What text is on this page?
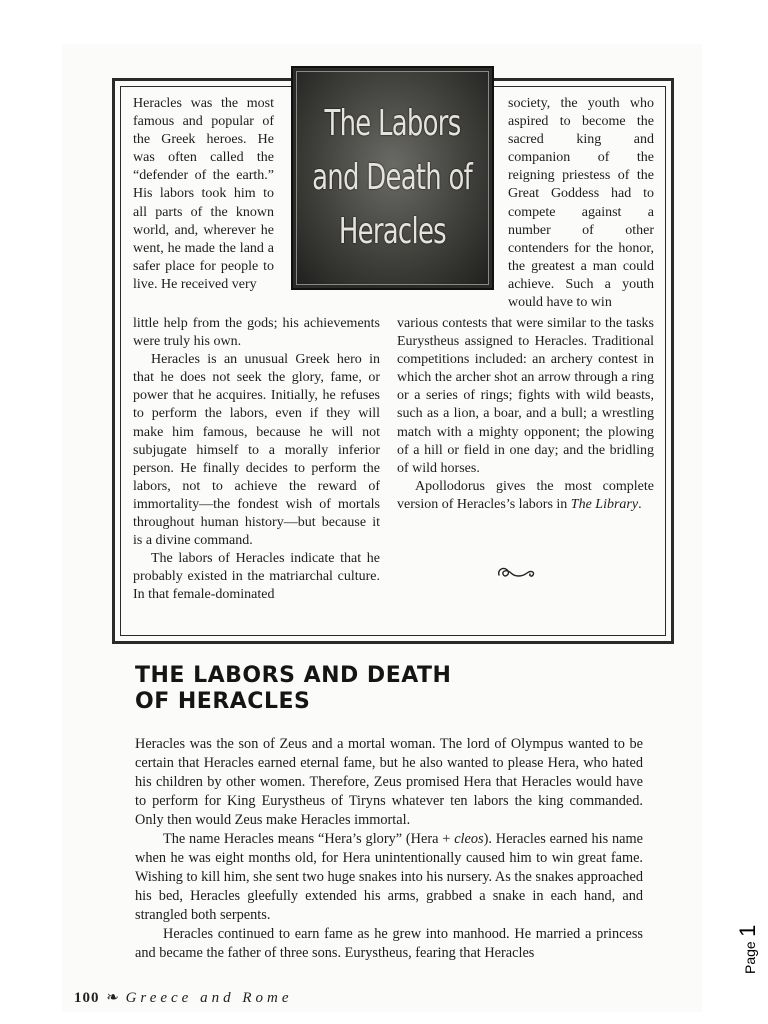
The Labors
and Death of
Heracles

Heracles was the most famous and popular of the Greek heroes. He was often called the “defender of the earth.” His labors took him to all parts of the known world, and, wherever he went, he made the land a safer place for people to live. He received very

society, the youth who aspired to become the sacred king and companion of the reigning priestess of the Great Goddess had to compete against a number of other contenders for the honor, the greatest a man could achieve. Such a youth would have to win

little help from the gods; his achievements were truly his own.

Heracles is an unusual Greek hero in that he does not seek the glory, fame, or power that he acquires. Initially, he refuses to perform the labors, even if they will make him famous, because he will not subjugate himself to a morally inferior person. He finally decides to perform the labors, not to achieve the reward of immortality—the fondest wish of mortals throughout human history—but because it is a divine command.

The labors of Heracles indicate that he probably existed in the matriarchal culture. In that female-dominated

various contests that were similar to the tasks Eurystheus assigned to Heracles. Traditional competitions included: an archery contest in which the archer shot an arrow through a ring or a series of rings; fights with wild beasts, such as a lion, a boar, and a bull; a wrestling match with a mighty opponent; the plowing of a hill or field in one day; and the bridling of wild horses.

Apollodorus gives the most complete version of Heracles’s labors in The Library.

THE LABORS AND DEATH
OF HERACLES

Heracles was the son of Zeus and a mortal woman. The lord of Olympus wanted to be certain that Heracles earned eternal fame, but he also wanted to please Hera, who hated his children by other women. Therefore, Zeus promised Hera that Heracles would have to perform for King Eurystheus of Tiryns whatever ten labors the king commanded. Only then would Zeus make Heracles immortal.

The name Heracles means “Hera’s glory” (Hera + cleos). Heracles earned his name when he was eight months old, for Hera unintentionally caused him to win great fame. Wishing to kill him, she sent two huge snakes into his nursery. As the snakes approached his bed, Heracles gleefully extended his arms, grabbed a snake in each hand, and strangled both serpents.

Heracles continued to earn fame as he grew into manhood. He married a princess and became the father of three sons. Eurystheus, fearing that Heracles

100 ❧ Greece and Rome
Page 1
